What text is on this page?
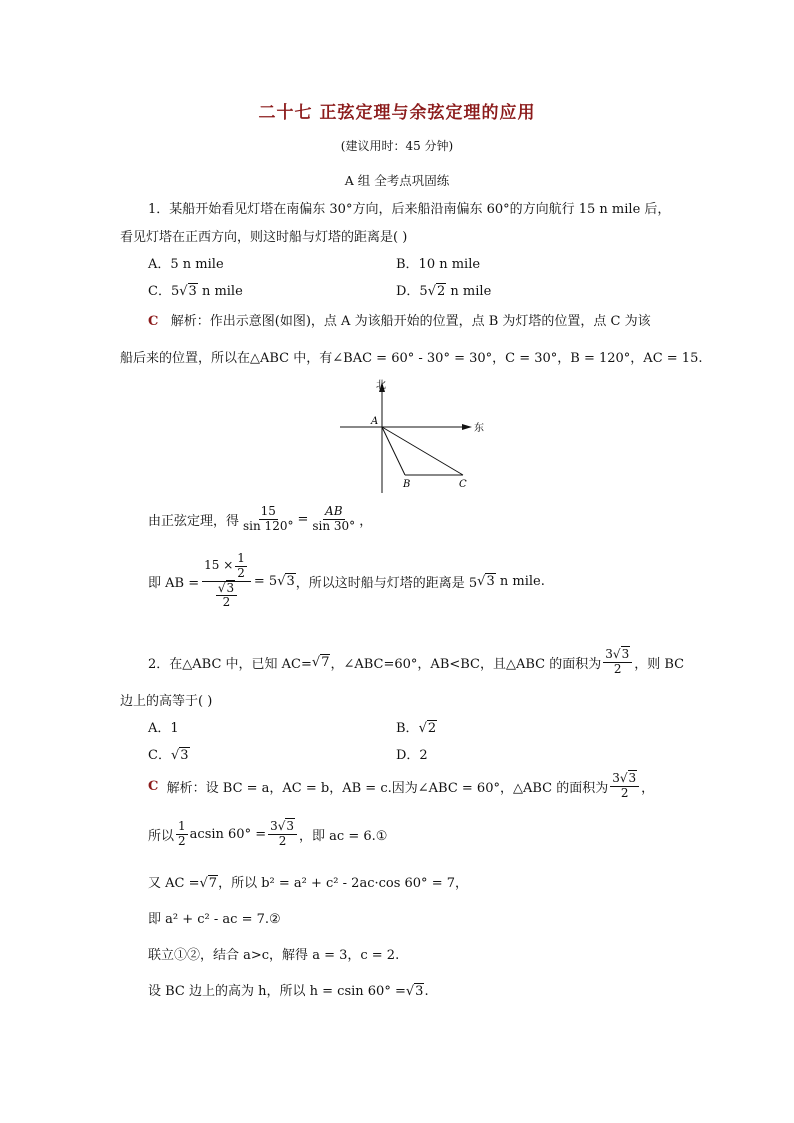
二十七 正弦定理与余弦定理的应用
(建议用时：45 分钟)
A 组 全考点巩固练
1．某船开始看见灯塔在南偏东 30°方向，后来船沿南偏东 60°的方向航行 15 n mile 后，
看见灯塔在正西方向，则这时船与灯塔的距离是( )
A．5 n mile	B．10 n mile
C．5√3 n mile	D．5√2 n mile
C 解析：作出示意图(如图)，点 A 为该船开始的位置，点 B 为灯塔的位置，点 C 为该
船后来的位置，所以在△ABC 中，有∠BAC = 60° - 30° = 30°，C = 30°，B = 120°，AC = 15.
北
东
A
B	C
由正弦定理，得 $\frac{15}{\sin 120^\circ} = \frac{AB}{\sin 30^\circ}$ ，
即 AB = $\frac{15 \times \frac{1}{2}}{\frac{√3}{2}} = 5$ √3 ，所以这时船与灯塔的距离是 5 √3
n mile.
2．在△ABC 中，已知 AC= √7 ，∠ABC=60°，AB<BC，且△ABC 的面积为 $\frac{3√3}{2}$ ，则 BC
边上的高等于( )
A．1	B．√2
C．√3	D．2
C
解析： 设 BC = a，AC = b，AB = c.因为∠ABC = 60°，△ABC 的面积为 $\frac{3√3}{2}$ ，
所以 $\frac{1}{2}$ acsin $60^\circ = \frac{3√3}{2}$ ，即 ac = 6.①
又 AC =√7，所以 b² = a² + c² - 2ac·cos 60° = 7，
即 a² + c² - ac = 7.②
联立①②，结合 a>c，解得 a = 3，c = 2.
设 BC 边上的高为 h，所以 h = csin 60° =√3.
